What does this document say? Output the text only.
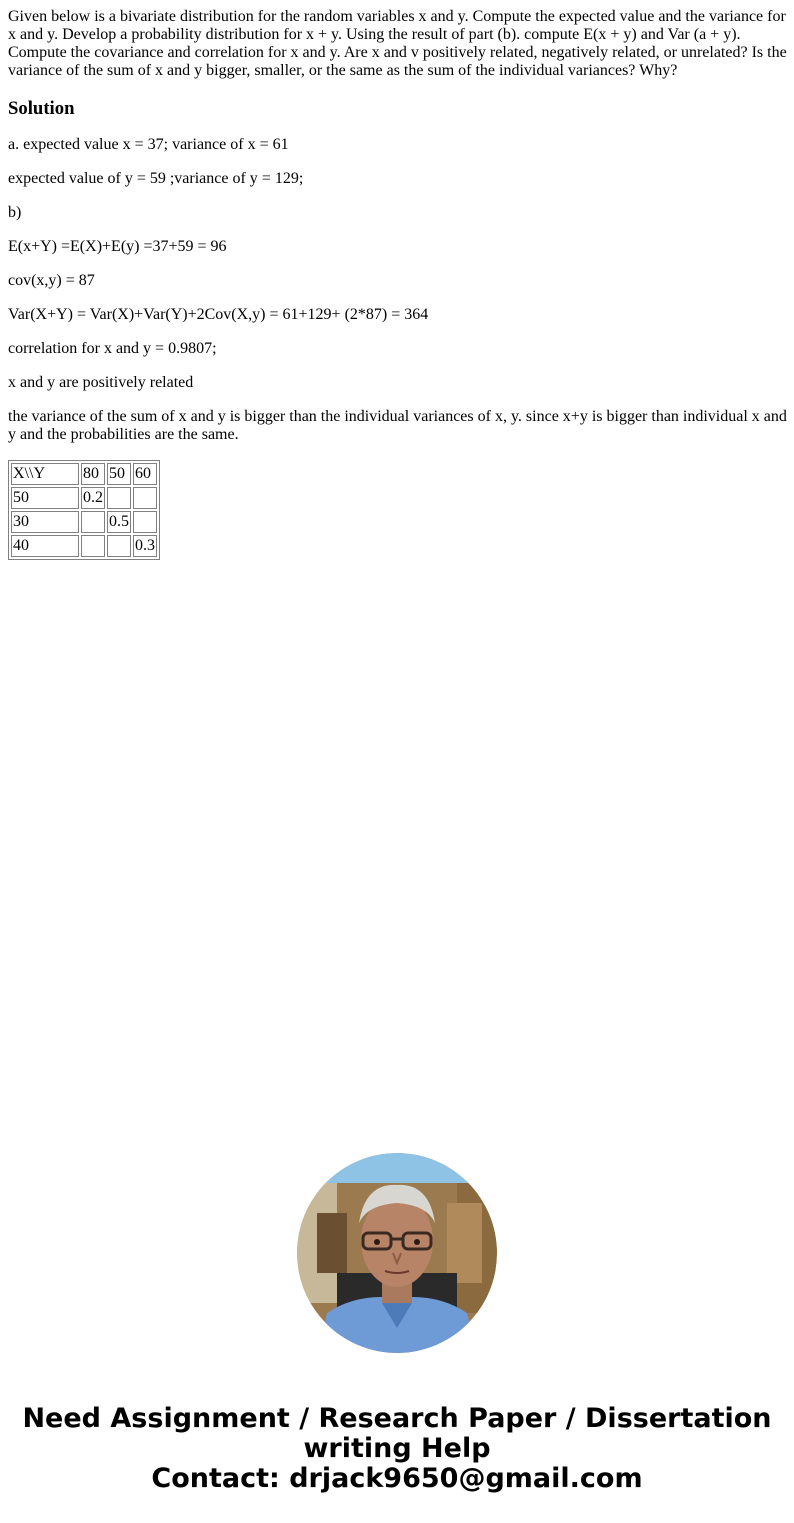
Given below is a bivariate distribution for the random variables x and y. Compute the expected value and the variance for x and y. Develop a probability distribution for x + y. Using the result of part (b). compute E(x + y) and Var (a + y). Compute the covariance and correlation for x and y. Are x and v positively related, negatively related, or unrelated? Is the variance of the sum of x and y bigger, smaller, or the same as the sum of the individual variances? Why?

Solution

a. expected value x = 37; variance of x = 61

expected value of y = 59 ;variance of y = 129;

b)

E(x+Y) =E(X)+E(y) =37+59 = 96

cov(x,y) = 87

Var(X+Y) = Var(X)+Var(Y)+2Cov(X,y) = 61+129+ (2*87) = 364

correlation for x and y = 0.9807;

x and y are positively related

the variance of the sum of x and y is bigger than the individual variances of x, y. since x+y is bigger than individual x and y and the probabilities are the same.

X\\Y	80	50	60
50	0.2		
30		0.5	
40			0.3
Need Assignment / Research Paper / Dissertation
writing Help
Contact: drjack9650@gmail.com
